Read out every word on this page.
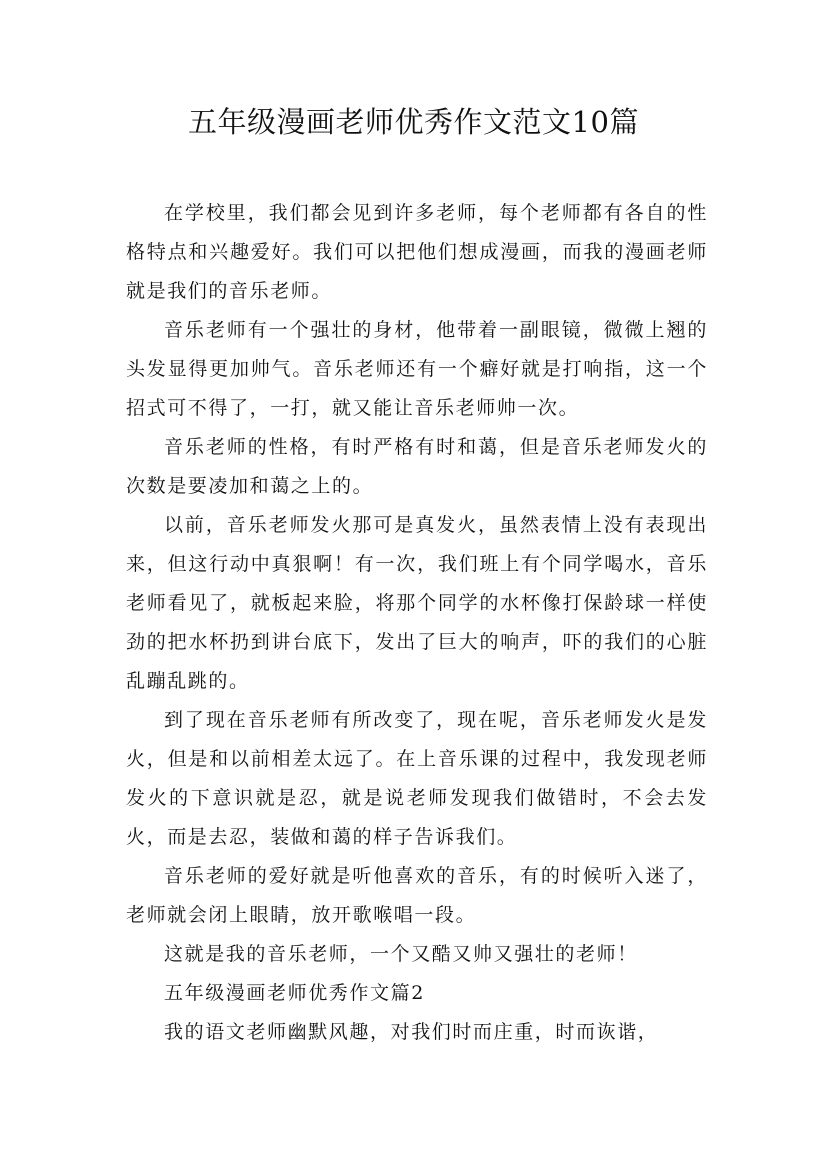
五年级漫画老师优秀作文范文10篇

在学校里，我们都会见到许多老师，每个老师都有各自的性格特点和兴趣爱好。我们可以把他们想成漫画，而我的漫画老师就是我们的音乐老师。

音乐老师有一个强壮的身材，他带着一副眼镜，微微上翘的头发显得更加帅气。音乐老师还有一个癖好就是打响指，这一个招式可不得了，一打，就又能让音乐老师帅一次。

音乐老师的性格，有时严格有时和蔼，但是音乐老师发火的次数是要凌加和蔼之上的。

以前，音乐老师发火那可是真发火，虽然表情上没有表现出来，但这行动中真狠啊！有一次，我们班上有个同学喝水，音乐老师看见了，就板起来脸，将那个同学的水杯像打保龄球一样使劲的把水杯扔到讲台底下，发出了巨大的响声，吓的我们的心脏乱蹦乱跳的。

到了现在音乐老师有所改变了，现在呢，音乐老师发火是发火，但是和以前相差太远了。在上音乐课的过程中，我发现老师发火的下意识就是忍，就是说老师发现我们做错时，不会去发火，而是去忍，装做和蔼的样子告诉我们。

音乐老师的爱好就是听他喜欢的音乐，有的时候听入迷了，老师就会闭上眼睛，放开歌喉唱一段。

这就是我的音乐老师，一个又酷又帅又强壮的老师！

五年级漫画老师优秀作文篇2

我的语文老师幽默风趣，对我们时而庄重，时而诙谐，
